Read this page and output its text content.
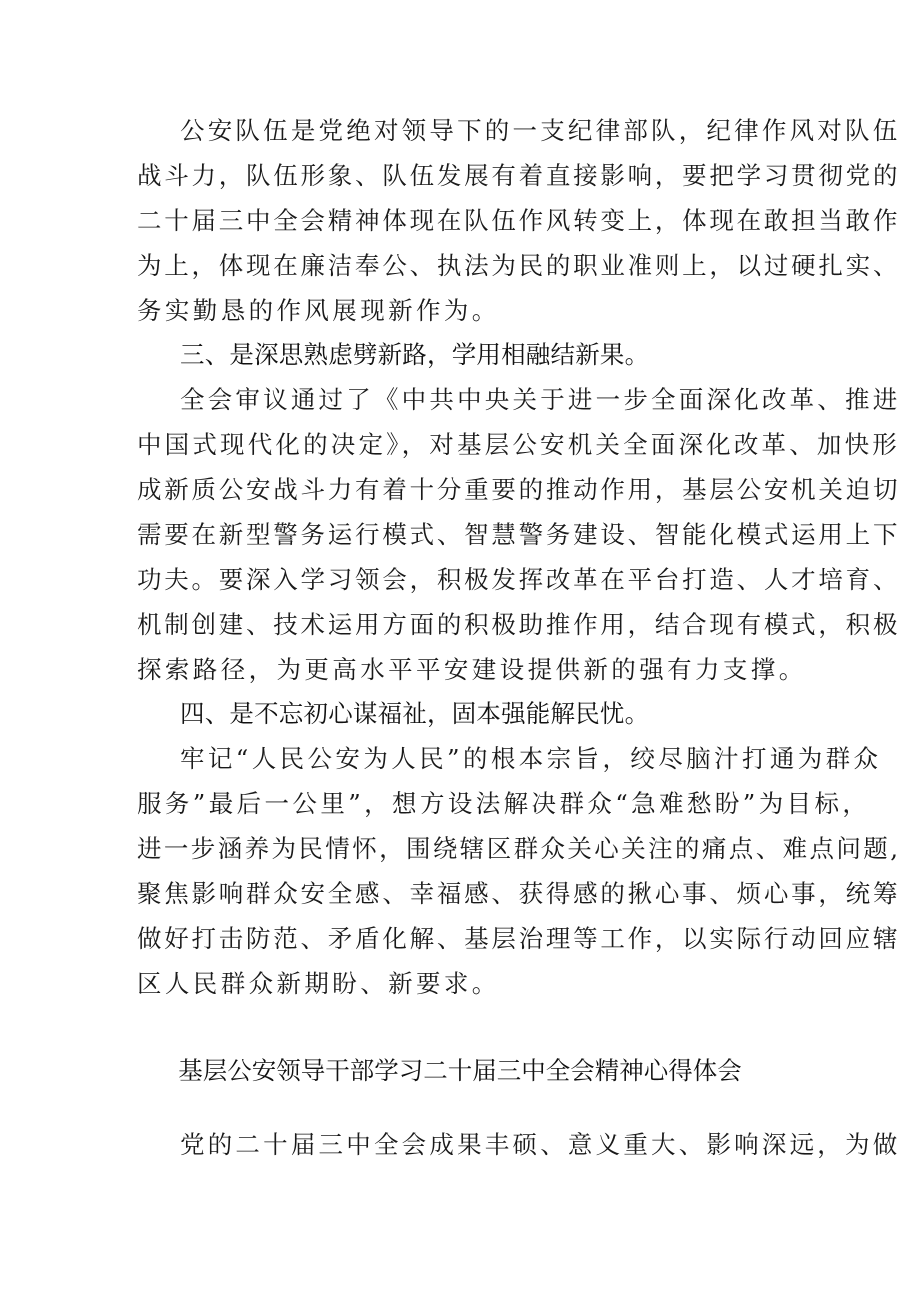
公安队伍是党绝对领导下的一支纪律部队，纪律作风对队伍
战斗力，队伍形象、队伍发展有着直接影响，要把学习贯彻党的
二十届三中全会精神体现在队伍作风转变上，体现在敢担当敢作
为上，体现在廉洁奉公、执法为民的职业准则上，以过硬扎实、
务实勤恳的作风展现新作为。
三、是深思熟虑劈新路，学用相融结新果。
全会审议通过了《中共中央关于进一步全面深化改革、推进
中国式现代化的决定》，对基层公安机关全面深化改革、加快形
成新质公安战斗力有着十分重要的推动作用，基层公安机关迫切
需要在新型警务运行模式、智慧警务建设、智能化模式运用上下
功夫。要深入学习领会，积极发挥改革在平台打造、人才培育、
机制创建、技术运用方面的积极助推作用，结合现有模式，积极
探索路径，为更高水平平安建设提供新的强有力支撑。
四、是不忘初心谋福祉，固本强能解民忧。
牢记“人民公安为人民”的根本宗旨，绞尽脑汁打通为群众
服务”最后一公里”，想方设法解决群众“急难愁盼”为目标，
进一步涵养为民情怀，围绕辖区群众关心关注的痛点、难点问题,
聚焦影响群众安全感、幸福感、获得感的揪心事、烦心事，统筹
做好打击防范、矛盾化解、基层治理等工作，以实际行动回应辖
区人民群众新期盼、新要求。
基层公安领导干部学习二十届三中全会精神心得体会
党的二十届三中全会成果丰硕、意义重大、影响深远，为做
